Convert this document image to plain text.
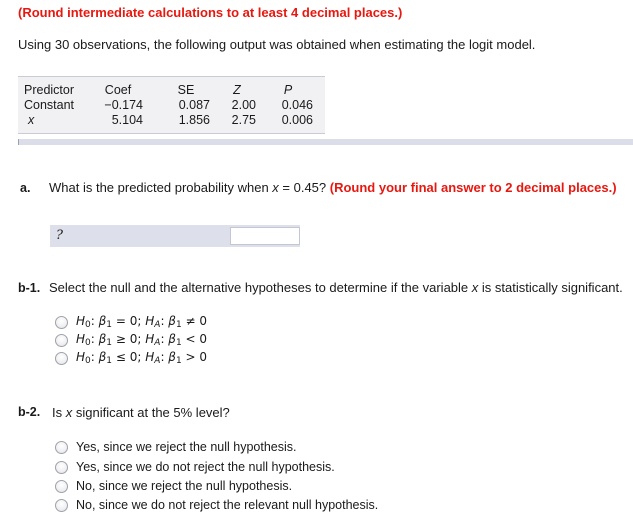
(Round intermediate calculations to at least 4 decimal places.)
Using 30 observations, the following output was obtained when estimating the logit model.
Predictor	Coef	SE	Z	P
Constant	−0.174	0.087	2.00	0.046
x	5.104	1.856	2.75	0.006
a. What is the predicted probability when x = 0.45? (Round your final answer to 2 decimal places.)
?
b-1. Select the null and the alternative hypotheses to determine if the variable x is statistically significant.
$H_0$: $\beta_1 = 0$; $H_A$: $\beta_1 \ne 0$
$H_0$: $\beta_1 \ge 0$; $H_A$: $\beta_1 < 0$
$H_0$: $\beta_1 \le 0$; $H_A$: $\beta_1 > 0$
b-2. Is x significant at the 5% level?
Yes, since we reject the null hypothesis.
Yes, since we do not reject the null hypothesis.
No, since we reject the null hypothesis.
No, since we do not reject the relevant null hypothesis.
